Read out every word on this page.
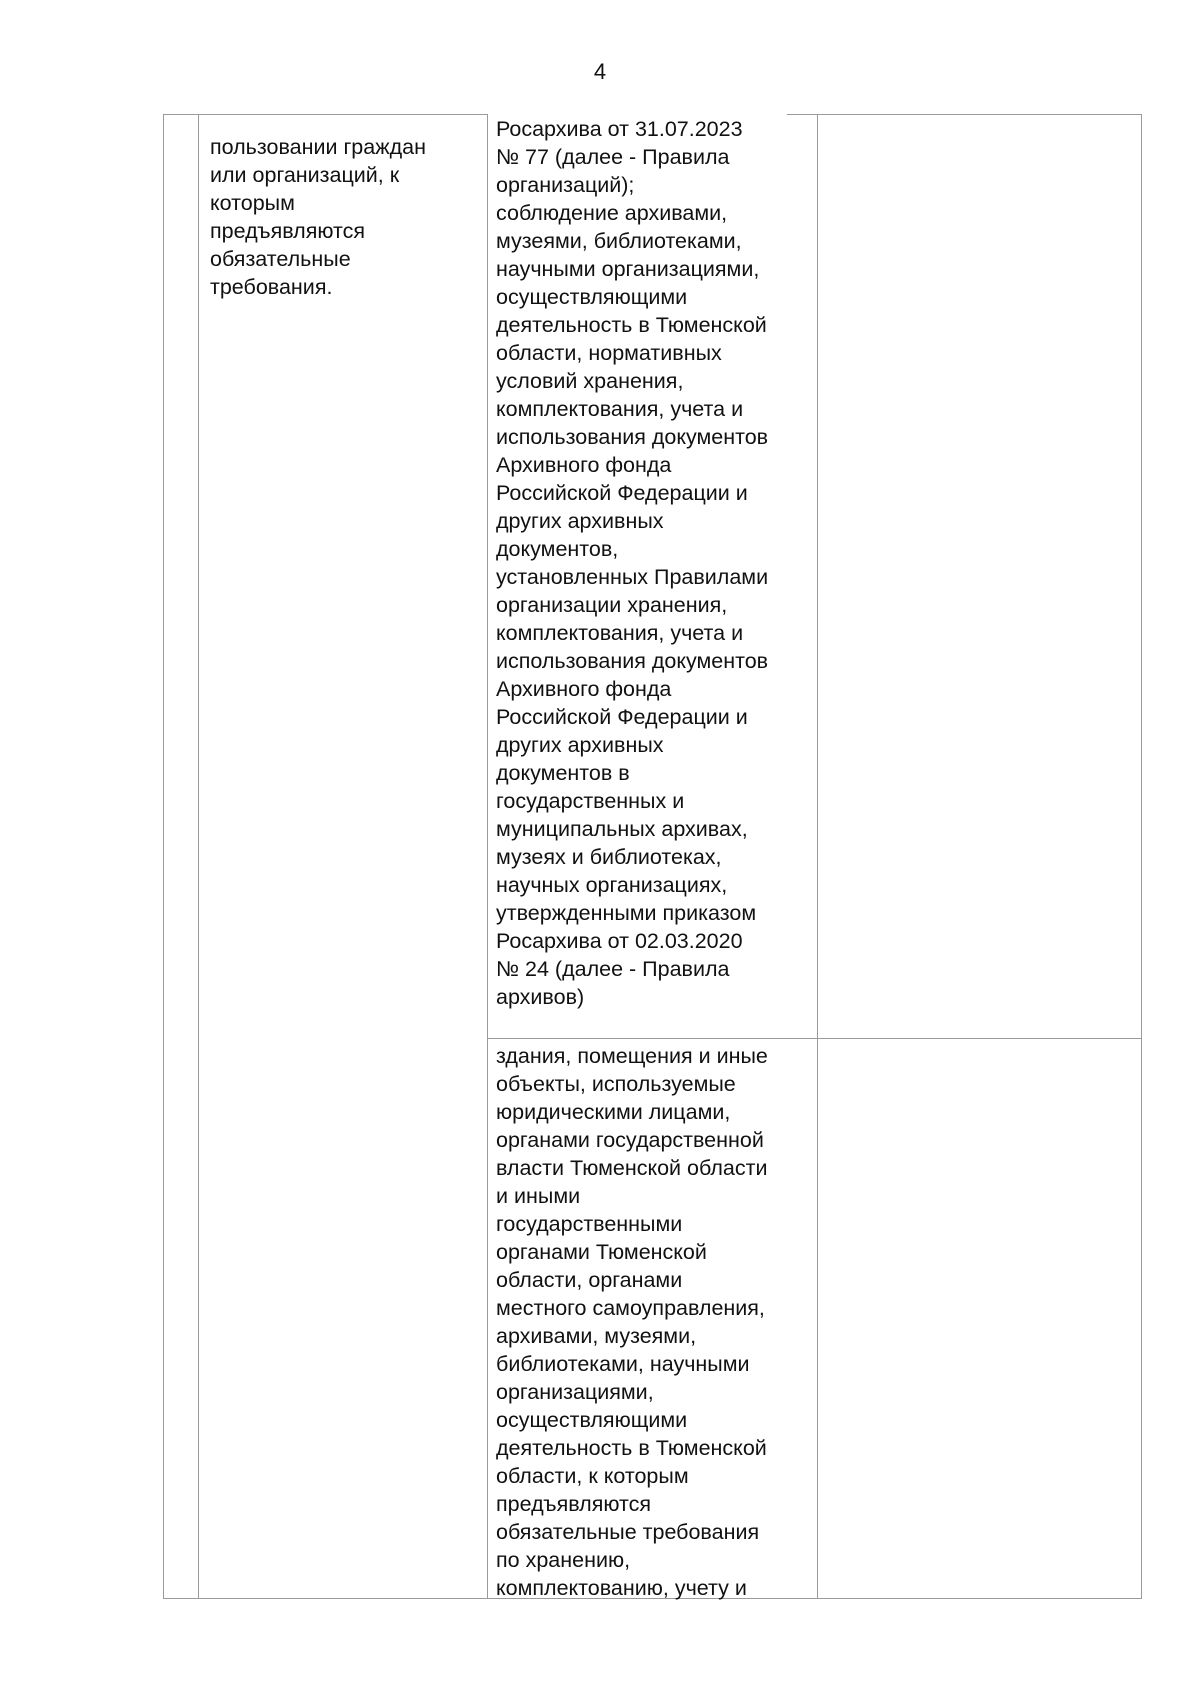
4
пользовании граждан
или организаций, к
которым
предъявляются
обязательные
требования.
Росархива от 31.07.2023
№ 77 (далее - Правила
организаций);
соблюдение архивами,
музеями, библиотеками,
научными организациями,
осуществляющими
деятельность в Тюменской
области, нормативных
условий хранения,
комплектования, учета и
использования документов
Архивного фонда
Российской Федерации и
других архивных
документов,
установленных Правилами
организации хранения,
комплектования, учета и
использования документов
Архивного фонда
Российской Федерации и
других архивных
документов в
государственных и
муниципальных архивах,
музеях и библиотеках,
научных организациях,
утвержденными приказом
Росархива от 02.03.2020
№ 24 (далее - Правила
архивов)
здания, помещения и иные
объекты, используемые
юридическими лицами,
органами государственной
власти Тюменской области
и иными
государственными
органами Тюменской
области, органами
местного самоуправления,
архивами, музеями,
библиотеками, научными
организациями,
осуществляющими
деятельность в Тюменской
области, к которым
предъявляются
обязательные требования
по хранению,
комплектованию, учету и
